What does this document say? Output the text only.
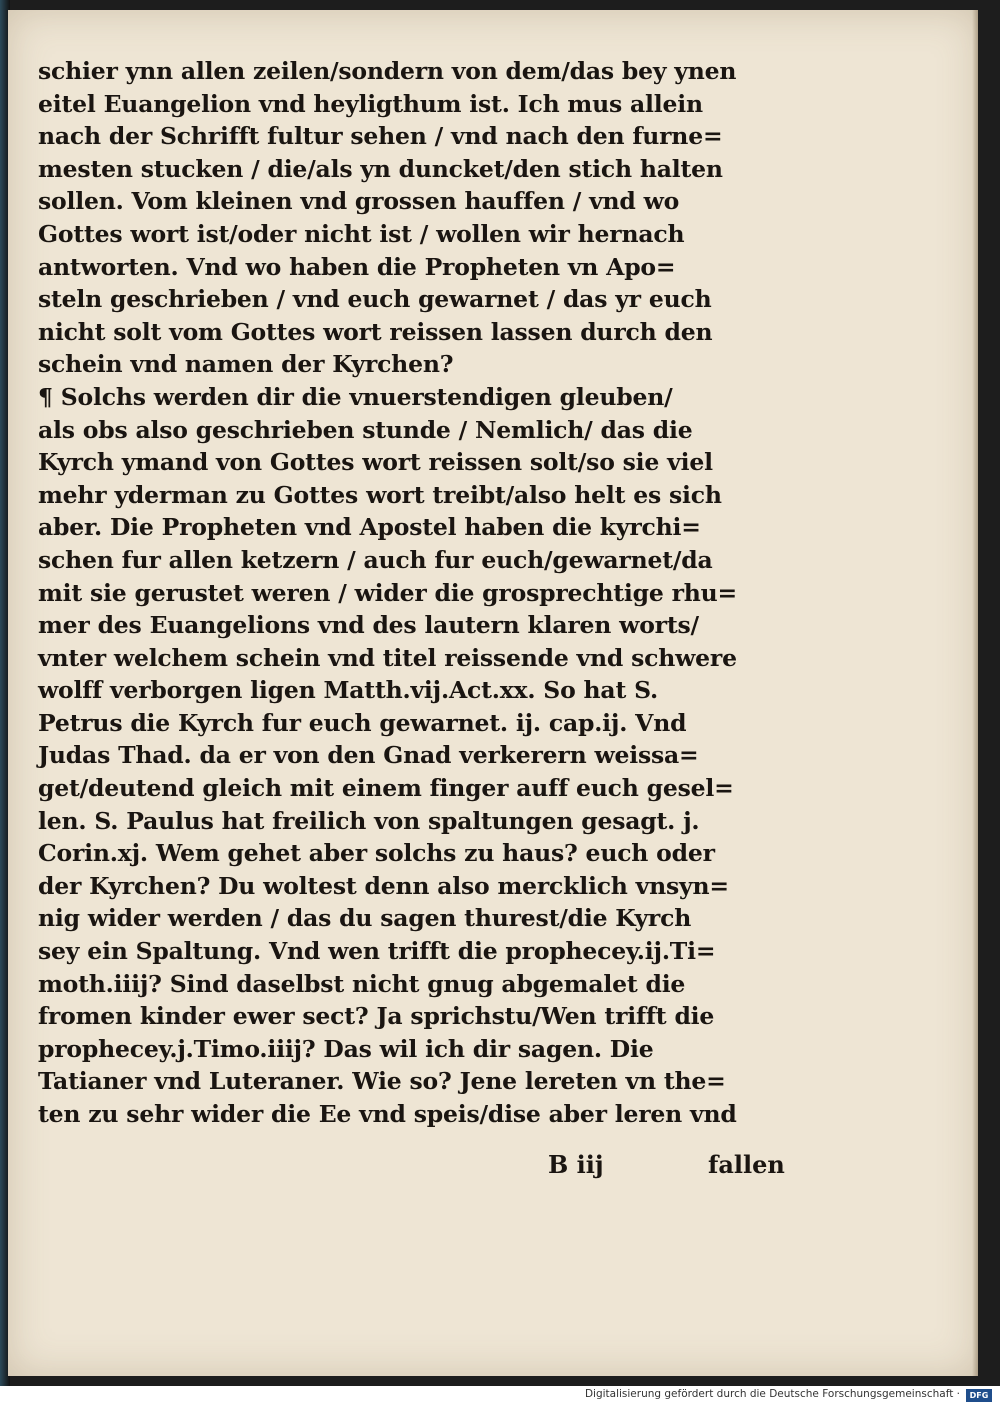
schier ynn allen zeilen/sondern von dem/das bey ynen
eitel Euangelion vnd heyligthum ist. Ich mus allein
nach der Schrifft fultur sehen / vnd nach den furne=
mesten stucken / die/als yn duncket/den stich halten
sollen. Vom kleinen vnd grossen hauffen / vnd wo
Gottes wort ist/oder nicht ist / wollen wir hernach
antworten. Vnd wo haben die Propheten vn Apo=
steln geschrieben / vnd euch gewarnet / das yr euch
nicht solt vom Gottes wort reissen lassen durch den
schein vnd namen der Kyrchen?
¶ Solchs werden dir die vnuerstendigen gleuben/
als obs also geschrieben stunde / Nemlich/ das die
Kyrch ymand von Gottes wort reissen solt/so sie viel
mehr yderman zu Gottes wort treibt/also helt es sich
aber. Die Propheten vnd Apostel haben die kyrchi=
schen fur allen ketzern / auch fur euch/gewarnet/da
mit sie gerustet weren / wider die grosprechtige rhu=
mer des Euangelions vnd des lautern klaren worts/
vnter welchem schein vnd titel reissende vnd schwere
wolff verborgen ligen Matth.vij.Act.xx. So hat S.
Petrus die Kyrch fur euch gewarnet. ij. cap.ij. Vnd
Judas Thad. da er von den Gnad verkerern weissa=
get/deutend gleich mit einem finger auff euch gesel=
len. S. Paulus hat freilich von spaltungen gesagt. j.
Corin.xj. Wem gehet aber solchs zu haus? euch oder
der Kyrchen? Du woltest denn also mercklich vnsyn=
nig wider werden / das du sagen thurest/die Kyrch
sey ein Spaltung. Vnd wen trifft die prophecey.ij.Ti=
moth.iiij? Sind daselbst nicht gnug abgemalet die
fromen kinder ewer sect? Ja sprichstu/Wen trifft die
prophecey.j.Timo.iiij? Das wil ich dir sagen. Die
Tatianer vnd Luteraner. Wie so? Jene lereten vn the=
ten zu sehr wider die Ee vnd speis/dise aber leren vnd
B iij	fallen
Digitalisierung gefördert durch die Deutsche Forschungsgemeinschaft ·	DFG
